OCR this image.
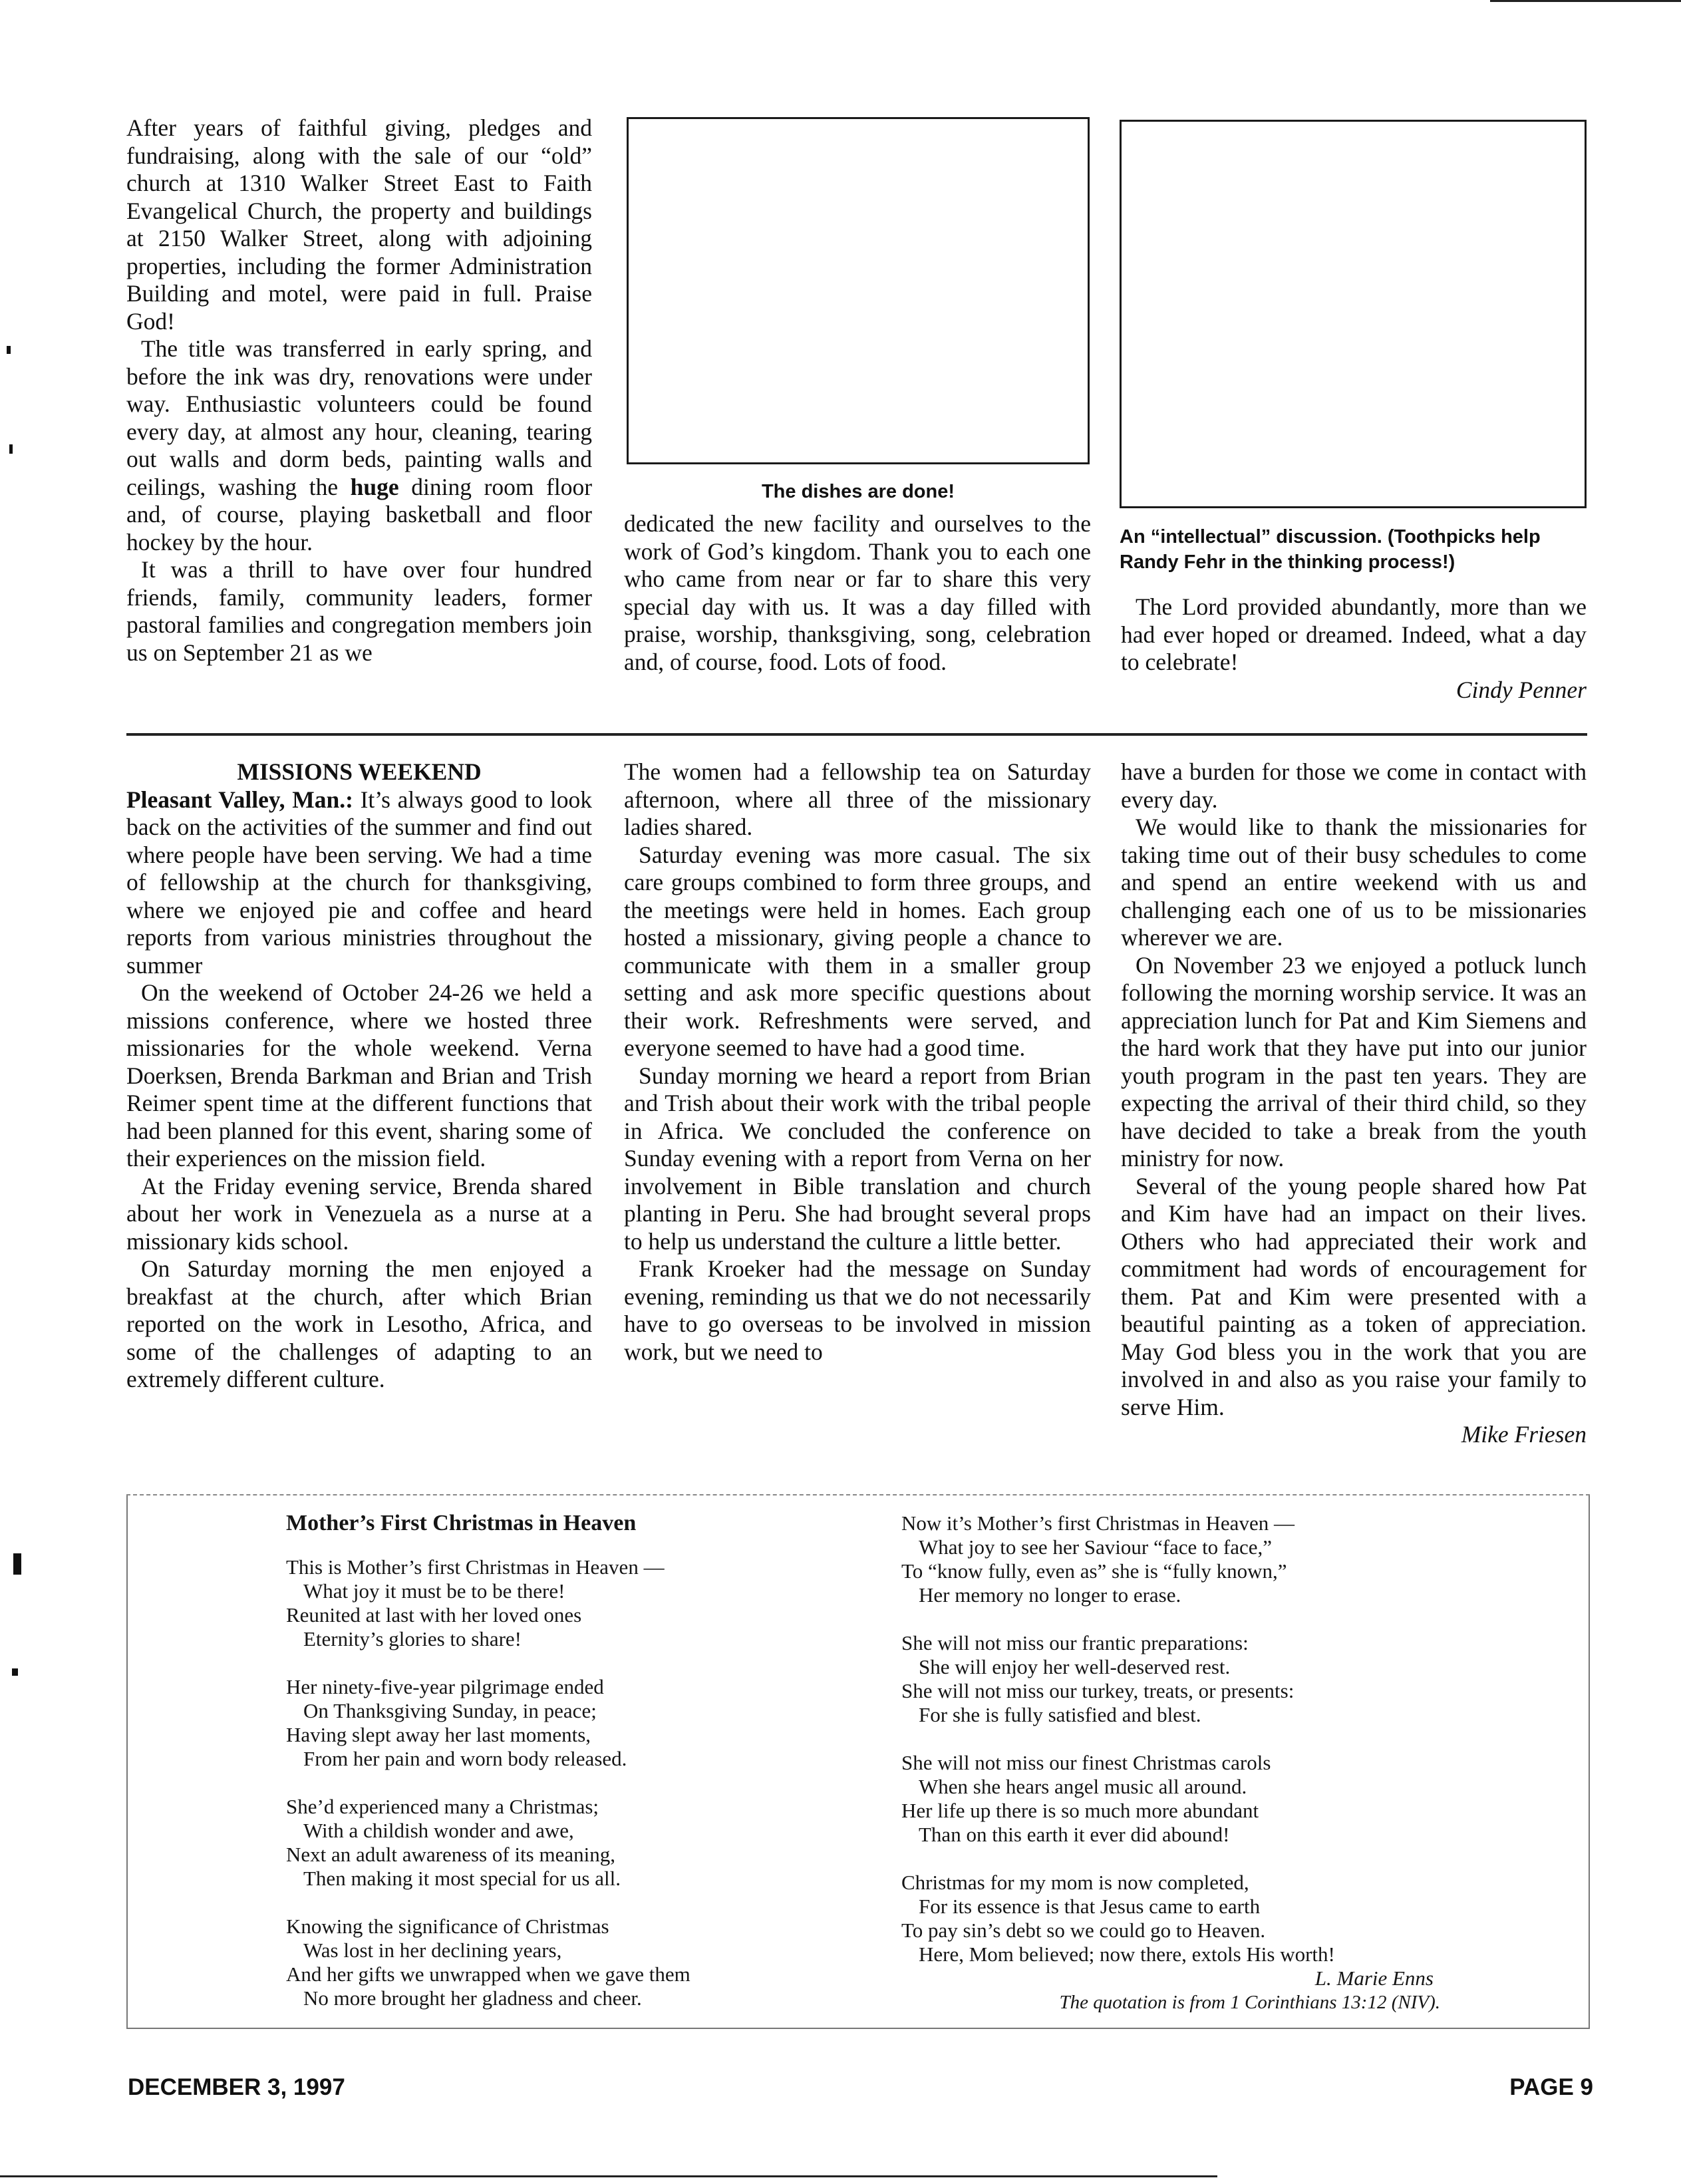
After years of faithful giving, pledges and fundraising, along with the sale of our “old” church at 1310 Walker Street East to Faith Evangelical Church, the property and buildings at 2150 Walker Street, along with adjoining properties, including the former Administration Building and motel, were paid in full. Praise God!

The title was transferred in early spring, and before the ink was dry, renovations were under way. Enthusiastic volunteers could be found every day, at almost any hour, cleaning, tearing out walls and dorm beds, painting walls and ceilings, washing the huge dining room floor and, of course, playing basketball and floor hockey by the hour.

It was a thrill to have over four hundred friends, family, community leaders, former pastoral families and congregation members join us on September 21 as we

The dishes are done!

dedicated the new facility and ourselves to the work of God’s kingdom. Thank you to each one who came from near or far to share this very special day with us. It was a day filled with praise, worship, thanksgiving, song, celebration and, of course, food. Lots of food.

An “intellectual” discussion. (Toothpicks help Randy Fehr in the thinking process!)

The Lord provided abundantly, more than we had ever hoped or dreamed. Indeed, what a day to celebrate!

Cindy Penner

MISSIONS WEEKEND

Pleasant Valley, Man.: It’s always good to look back on the activities of the summer and find out where people have been serving. We had a time of fellowship at the church for thanksgiving, where we enjoyed pie and coffee and heard reports from various ministries throughout the summer

On the weekend of October 24-26 we held a missions conference, where we hosted three missionaries for the whole weekend. Verna Doerksen, Brenda Barkman and Brian and Trish Reimer spent time at the different functions that had been planned for this event, sharing some of their experiences on the mission field.

At the Friday evening service, Brenda shared about her work in Venezuela as a nurse at a missionary kids school.

On Saturday morning the men enjoyed a breakfast at the church, after which Brian reported on the work in Lesotho, Africa, and some of the challenges of adapting to an extremely different culture.

The women had a fellowship tea on Saturday afternoon, where all three of the missionary ladies shared.

Saturday evening was more casual. The six care groups combined to form three groups, and the meetings were held in homes. Each group hosted a missionary, giving people a chance to communicate with them in a smaller group setting and ask more specific questions about their work. Refreshments were served, and everyone seemed to have had a good time.

Sunday morning we heard a report from Brian and Trish about their work with the tribal people in Africa. We concluded the conference on Sunday evening with a report from Verna on her involvement in Bible translation and church planting in Peru. She had brought several props to help us understand the culture a little better.

Frank Kroeker had the message on Sunday evening, reminding us that we do not necessarily have to go overseas to be involved in mission work, but we need to

have a burden for those we come in contact with every day.

We would like to thank the missionaries for taking time out of their busy schedules to come and spend an entire weekend with us and challenging each one of us to be missionaries wherever we are.

On November 23 we enjoyed a potluck lunch following the morning worship service. It was an appreciation lunch for Pat and Kim Siemens and the hard work that they have put into our junior youth program in the past ten years. They are expecting the arrival of their third child, so they have decided to take a break from the youth ministry for now.

Several of the young people shared how Pat and Kim have had an impact on their lives. Others who had appreciated their work and commitment had words of encouragement for them. Pat and Kim were presented with a beautiful painting as a token of appreciation. May God bless you in the work that you are involved in and also as you raise your family to serve Him.

Mike Friesen

Mother’s First Christmas in Heaven
This is Mother’s first Christmas in Heaven —
What joy it must be to be there!
Reunited at last with her loved ones
Eternity’s glories to share!
Her ninety-five-year pilgrimage ended
On Thanksgiving Sunday, in peace;
Having slept away her last moments,
From her pain and worn body released.
She’d experienced many a Christmas;
With a childish wonder and awe,
Next an adult awareness of its meaning,
Then making it most special for us all.
Knowing the significance of Christmas
Was lost in her declining years,
And her gifts we unwrapped when we gave them
No more brought her gladness and cheer.
Now it’s Mother’s first Christmas in Heaven —
What joy to see her Saviour “face to face,”
To “know fully, even as” she is “fully known,”
Her memory no longer to erase.
She will not miss our frantic preparations:
She will enjoy her well-deserved rest.
She will not miss our turkey, treats, or presents:
For she is fully satisfied and blest.
She will not miss our finest Christmas carols
When she hears angel music all around.
Her life up there is so much more abundant
Than on this earth it ever did abound!
Christmas for my mom is now completed,
For its essence is that Jesus came to earth
To pay sin’s debt so we could go to Heaven.
Here, Mom believed; now there, extols His worth!
L. Marie Enns
The quotation is from 1 Corinthians 13:12 (NIV).
DECEMBER 3, 1997	PAGE 9
